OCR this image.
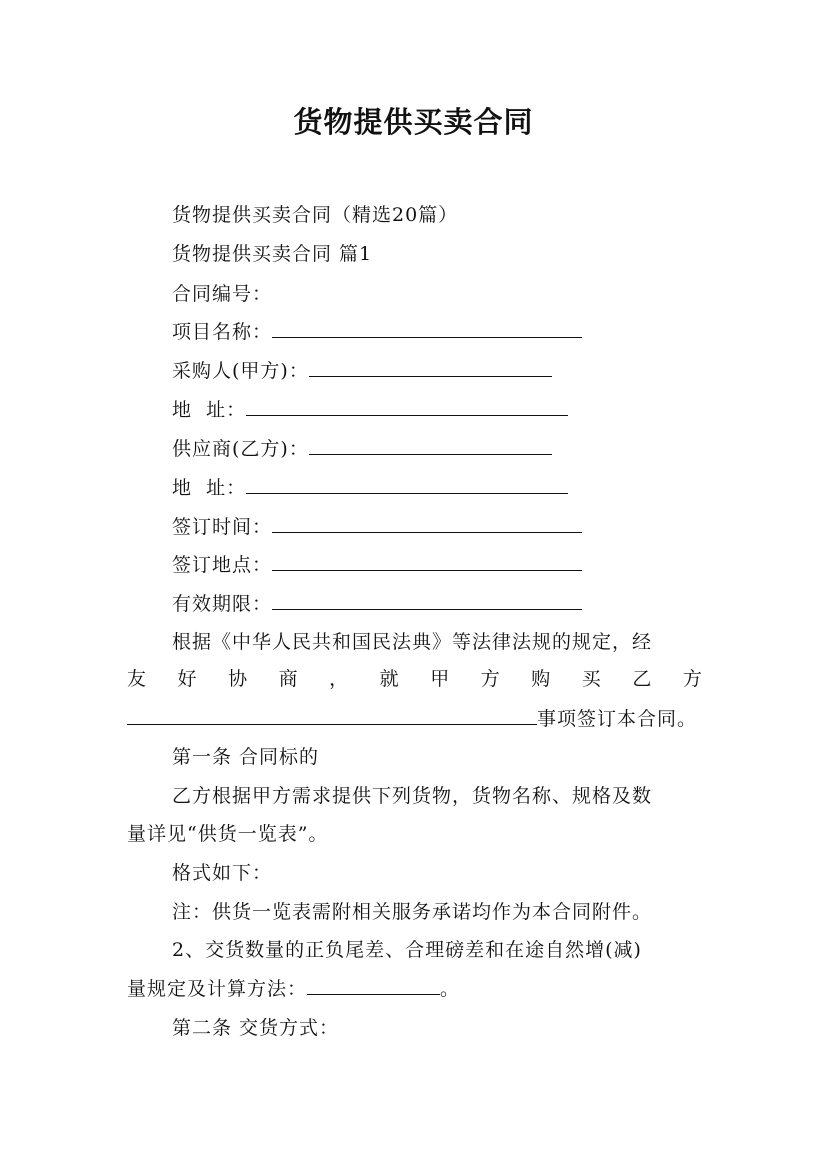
货物提供买卖合同
货物提供买卖合同（精选20篇）
货物提供买卖合同 篇1
合同编号：
项目名称：
采购人(甲方)：
地  址：
供应商(乙方)：
地  址：
签订时间：
签订地点：
有效期限：
根据《中华人民共和国民法典》等法律法规的规定，经
友 好 协 商 ， 就 甲 方 购 买 乙 方
事项签订本合同。
第一条 合同标的
乙方根据甲方需求提供下列货物，货物名称、规格及数
量详见“供货一览表”。
格式如下：
注：供货一览表需附相关服务承诺均作为本合同附件。
2、交货数量的正负尾差、合理磅差和在途自然增(减)
量规定及计算方法：	。
第二条 交货方式：
